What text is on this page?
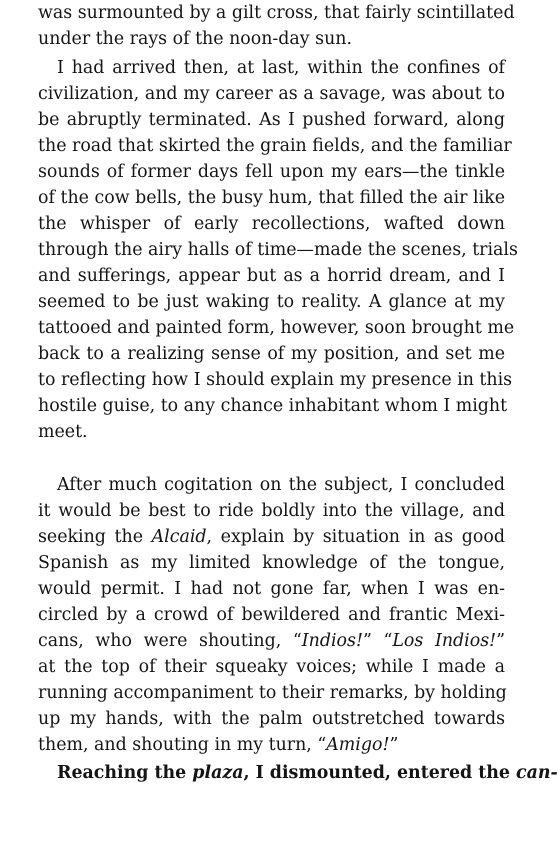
was surmounted by a gilt cross, that fairly scintillated
under the rays of the noon-day sun.
I had arrived then, at last, within the confines of
civilization, and my career as a savage, was about to
be abruptly terminated. As I pushed forward, along
the road that skirted the grain fields, and the familiar
sounds of former days fell upon my ears—the tinkle
of the cow bells, the busy hum, that filled the air like
the whisper of early recollections, wafted down
through the airy halls of time—made the scenes, trials
and sufferings, appear but as a horrid dream, and I
seemed to be just waking to reality. A glance at my
tattooed and painted form, however, soon brought me
back to a realizing sense of my position, and set me
to reflecting how I should explain my presence in this
hostile guise, to any chance inhabitant whom I might
meet.
After much cogitation on the subject, I concluded
it would be best to ride boldly into the village, and
seeking the Alcaid, explain by situation in as good
Spanish as my limited knowledge of the tongue,
would permit. I had not gone far, when I was en-
circled by a crowd of bewildered and frantic Mexi-
cans, who were shouting, “Indios!” “Los Indios!”
at the top of their squeaky voices; while I made a
running accompaniment to their remarks, by holding
up my hands, with the palm outstretched towards
them, and shouting in my turn, “Amigo!”
Reaching the plaza, I dismounted, entered the can-
